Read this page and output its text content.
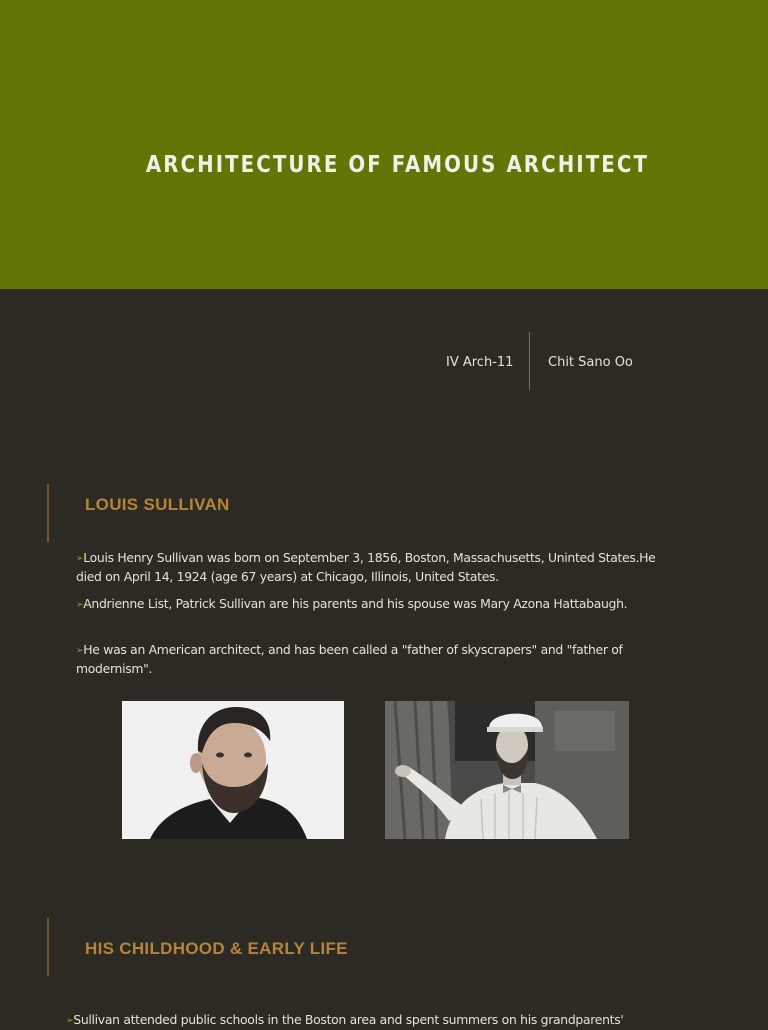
ARCHITECTURE OF FAMOUS ARCHITECT
IV Arch-11	Chit Sano Oo
LOUIS SULLIVAN
➢Louis Henry Sullivan was born on September 3, 1856, Boston, Massachusetts, Uninted States.He died on April 14, 1924 (age 67 years) at Chicago, Illinois, United States.
➢Andrienne List, Patrick Sullivan are his parents and his spouse was Mary Azona Hattabaugh.
➢He was an American architect, and has been called a "father of skyscrapers" and "father of modernism".
HIS CHILDHOOD & EARLY LIFE
➢Sullivan attended public schools in the Boston area and spent summers on his grandparents'
